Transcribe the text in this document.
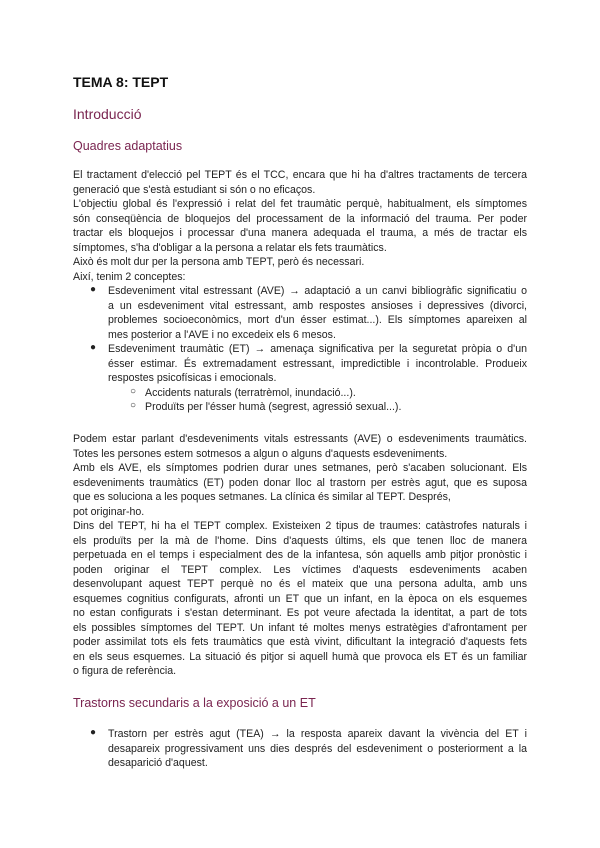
TEMA 8: TEPT
Introducció
Quadres adaptatius
El tractament d'elecció pel TEPT és el TCC, encara que hi ha d'altres tractaments de tercera
generació que s'està estudiant si són o no eficaços.
L'objectiu global és l'expressió i relat del fet traumàtic perquè, habitualment, els símptomes
són conseqüència de bloquejos del processament de la informació del trauma. Per poder
tractar els bloquejos i processar d'una manera adequada el trauma, a més de tractar els
símptomes, s'ha d'obligar a la persona a relatar els fets traumàtics.
Això és molt dur per la persona amb TEPT, però és necessari.
Així, tenim 2 conceptes:
● Esdeveniment vital estressant (AVE) → adaptació a un canvi bibliogràfic significatiu o
a un esdeveniment vital estressant, amb respostes ansioses i depressives (divorci,
problemes socioeconòmics, mort d'un ésser estimat...). Els símptomes apareixen al
mes posterior a l'AVE i no excedeix els 6 mesos.
● Esdeveniment traumàtic (ET) → amenaça significativa per la seguretat pròpia o d'un
ésser estimar. És extremadament estressant, impredictible i incontrolable. Produeix
respostes psicofísicas i emocionals.
○ Accidents naturals (terratrèmol, inundació...).
○ Produïts per l'ésser humà (segrest, agressió sexual...).
Podem estar parlant d'esdeveniments vitals estressants (AVE) o esdeveniments traumàtics.
Totes les persones estem sotmesos a algun o alguns d'aquests esdeveniments.
Amb els AVE, els símptomes podrien durar unes setmanes, però s'acaben solucionant. Els
esdeveniments traumàtics (ET) poden donar lloc al trastorn per estrès agut, que es suposa
que es soluciona a les poques setmanes. La clínica és similar al TEPT. Després,
pot originar-ho.
Dins del TEPT, hi ha el TEPT complex. Existeixen 2 tipus de traumes: catàstrofes naturals i
els produïts per la mà de l'home. Dins d'aquests últims, els que tenen lloc de manera
perpetuada en el temps i especialment des de la infantesa, són aquells amb pitjor pronòstic i
poden originar el TEPT complex. Les víctimes d'aquests esdeveniments acaben
desenvolupant aquest TEPT perquè no és el mateix que una persona adulta, amb uns
esquemes cognitius configurats, afronti un ET que un infant, en la època on els esquemes
no estan configurats i s'estan determinant. Es pot veure afectada la identitat, a part de tots
els possibles símptomes del TEPT. Un infant té moltes menys estratègies d'afrontament per
poder assimilat tots els fets traumàtics que està vivint, dificultant la integració d'aquests fets
en els seus esquemes. La situació és pitjor si aquell humà que provoca els ET és un familiar
o figura de referència.
Trastorns secundaris a la exposició a un ET
● Trastorn per estrès agut (TEA) → la resposta apareix davant la vivència del ET i
desapareix progressivament uns dies després del esdeveniment o posteriorment a la
desaparició d'aquest.
